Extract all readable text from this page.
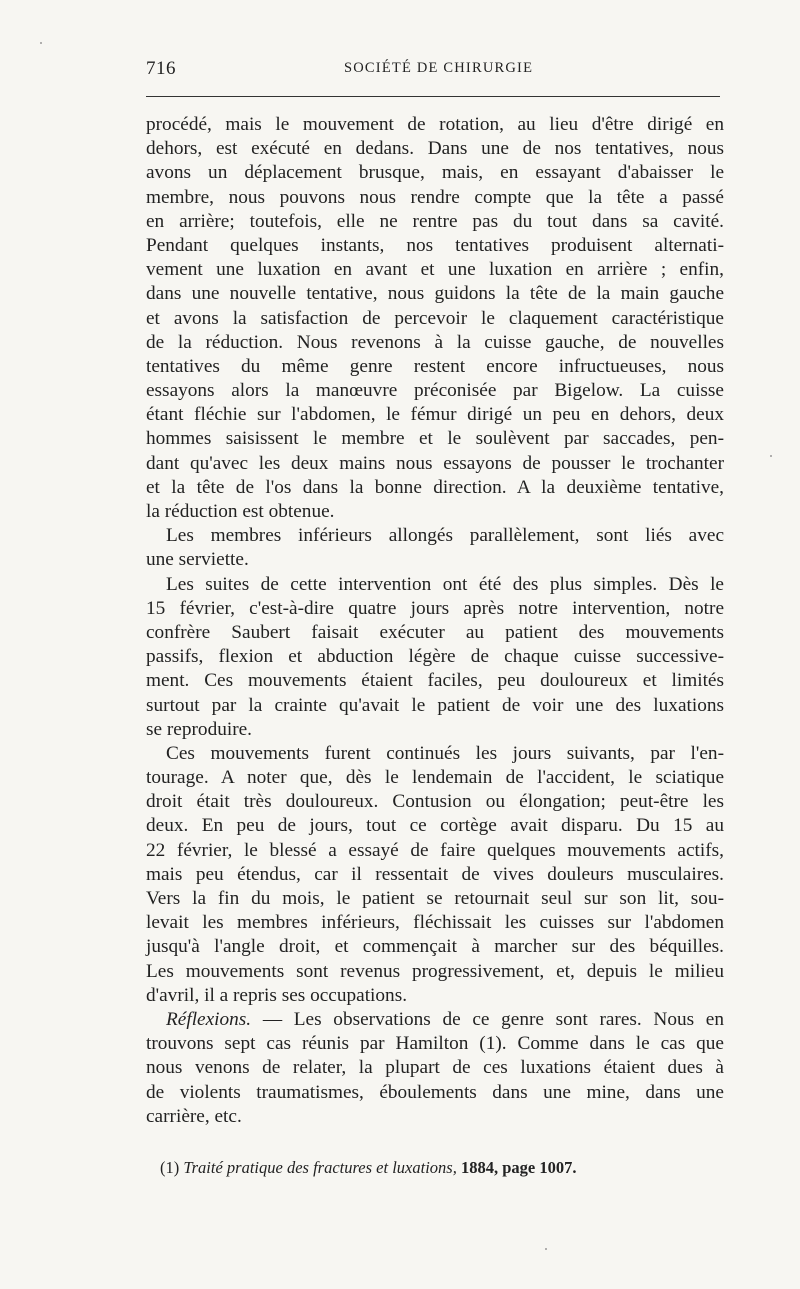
716	SOCIÉTÉ DE CHIRURGIE
procédé, mais le mouvement de rotation, au lieu d'être dirigé en
dehors, est exécuté en dedans. Dans une de nos tentatives, nous
avons un déplacement brusque, mais, en essayant d'abaisser le
membre, nous pouvons nous rendre compte que la tête a passé
en arrière; toutefois, elle ne rentre pas du tout dans sa cavité.
Pendant quelques instants, nos tentatives produisent alternati-
vement une luxation en avant et une luxation en arrière ; enfin,
dans une nouvelle tentative, nous guidons la tête de la main gauche
et avons la satisfaction de percevoir le claquement caractéristique
de la réduction. Nous revenons à la cuisse gauche, de nouvelles
tentatives du même genre restent encore infructueuses, nous
essayons alors la manœuvre préconisée par Bigelow. La cuisse
étant fléchie sur l'abdomen, le fémur dirigé un peu en dehors, deux
hommes saisissent le membre et le soulèvent par saccades, pen-
dant qu'avec les deux mains nous essayons de pousser le trochanter
et la tête de l'os dans la bonne direction. A la deuxième tentative,
la réduction est obtenue.
Les membres inférieurs allongés parallèlement, sont liés avec
une serviette.
Les suites de cette intervention ont été des plus simples. Dès le
15 février, c'est-à-dire quatre jours après notre intervention, notre
confrère Saubert faisait exécuter au patient des mouvements
passifs, flexion et abduction légère de chaque cuisse successive-
ment. Ces mouvements étaient faciles, peu douloureux et limités
surtout par la crainte qu'avait le patient de voir une des luxations
se reproduire.
Ces mouvements furent continués les jours suivants, par l'en-
tourage. A noter que, dès le lendemain de l'accident, le sciatique
droit était très douloureux. Contusion ou élongation; peut-être les
deux. En peu de jours, tout ce cortège avait disparu. Du 15 au
22 février, le blessé a essayé de faire quelques mouvements actifs,
mais peu étendus, car il ressentait de vives douleurs musculaires.
Vers la fin du mois, le patient se retournait seul sur son lit, sou-
levait les membres inférieurs, fléchissait les cuisses sur l'abdomen
jusqu'à l'angle droit, et commençait à marcher sur des béquilles.
Les mouvements sont revenus progressivement, et, depuis le milieu
d'avril, il a repris ses occupations.
Réflexions. — Les observations de ce genre sont rares. Nous en
trouvons sept cas réunis par Hamilton (1). Comme dans le cas que
nous venons de relater, la plupart de ces luxations étaient dues à
de violents traumatismes, éboulements dans une mine, dans une
carrière, etc.
(1) Traité pratique des fractures et luxations, 1884, page 1007.
